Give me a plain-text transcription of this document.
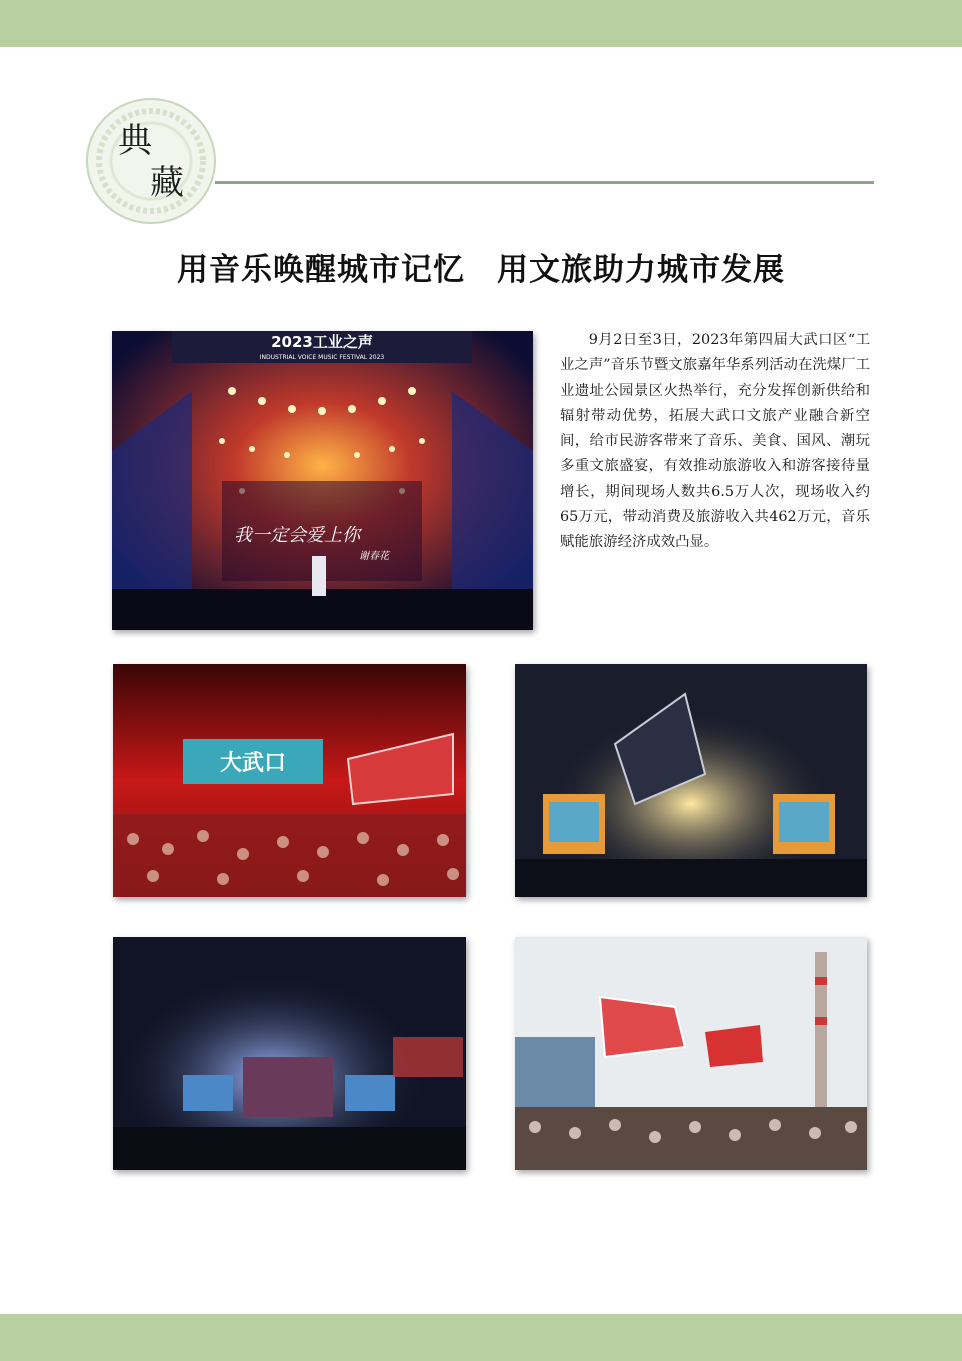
典
藏
用音乐唤醒城市记忆　用文旅助力城市发展
2023工业之声
INDUSTRIAL VOICE MUSIC FESTIVAL 2023
我一定会爱上你
谢春花
9月2日至3日，2023年第四届大武口区“工业之声”音乐节暨文旅嘉年华系列活动在洗煤厂工业遗址公园景区火热举行，充分发挥创新供给和辐射带动优势，拓展大武口文旅产业融合新空间，给市民游客带来了音乐、美食、国风、潮玩多重文旅盛宴，有效推动旅游收入和游客接待量增长，期间现场人数共6.5万人次，现场收入约65万元，带动消费及旅游收入共462万元，音乐赋能旅游经济成效凸显。
大武口
